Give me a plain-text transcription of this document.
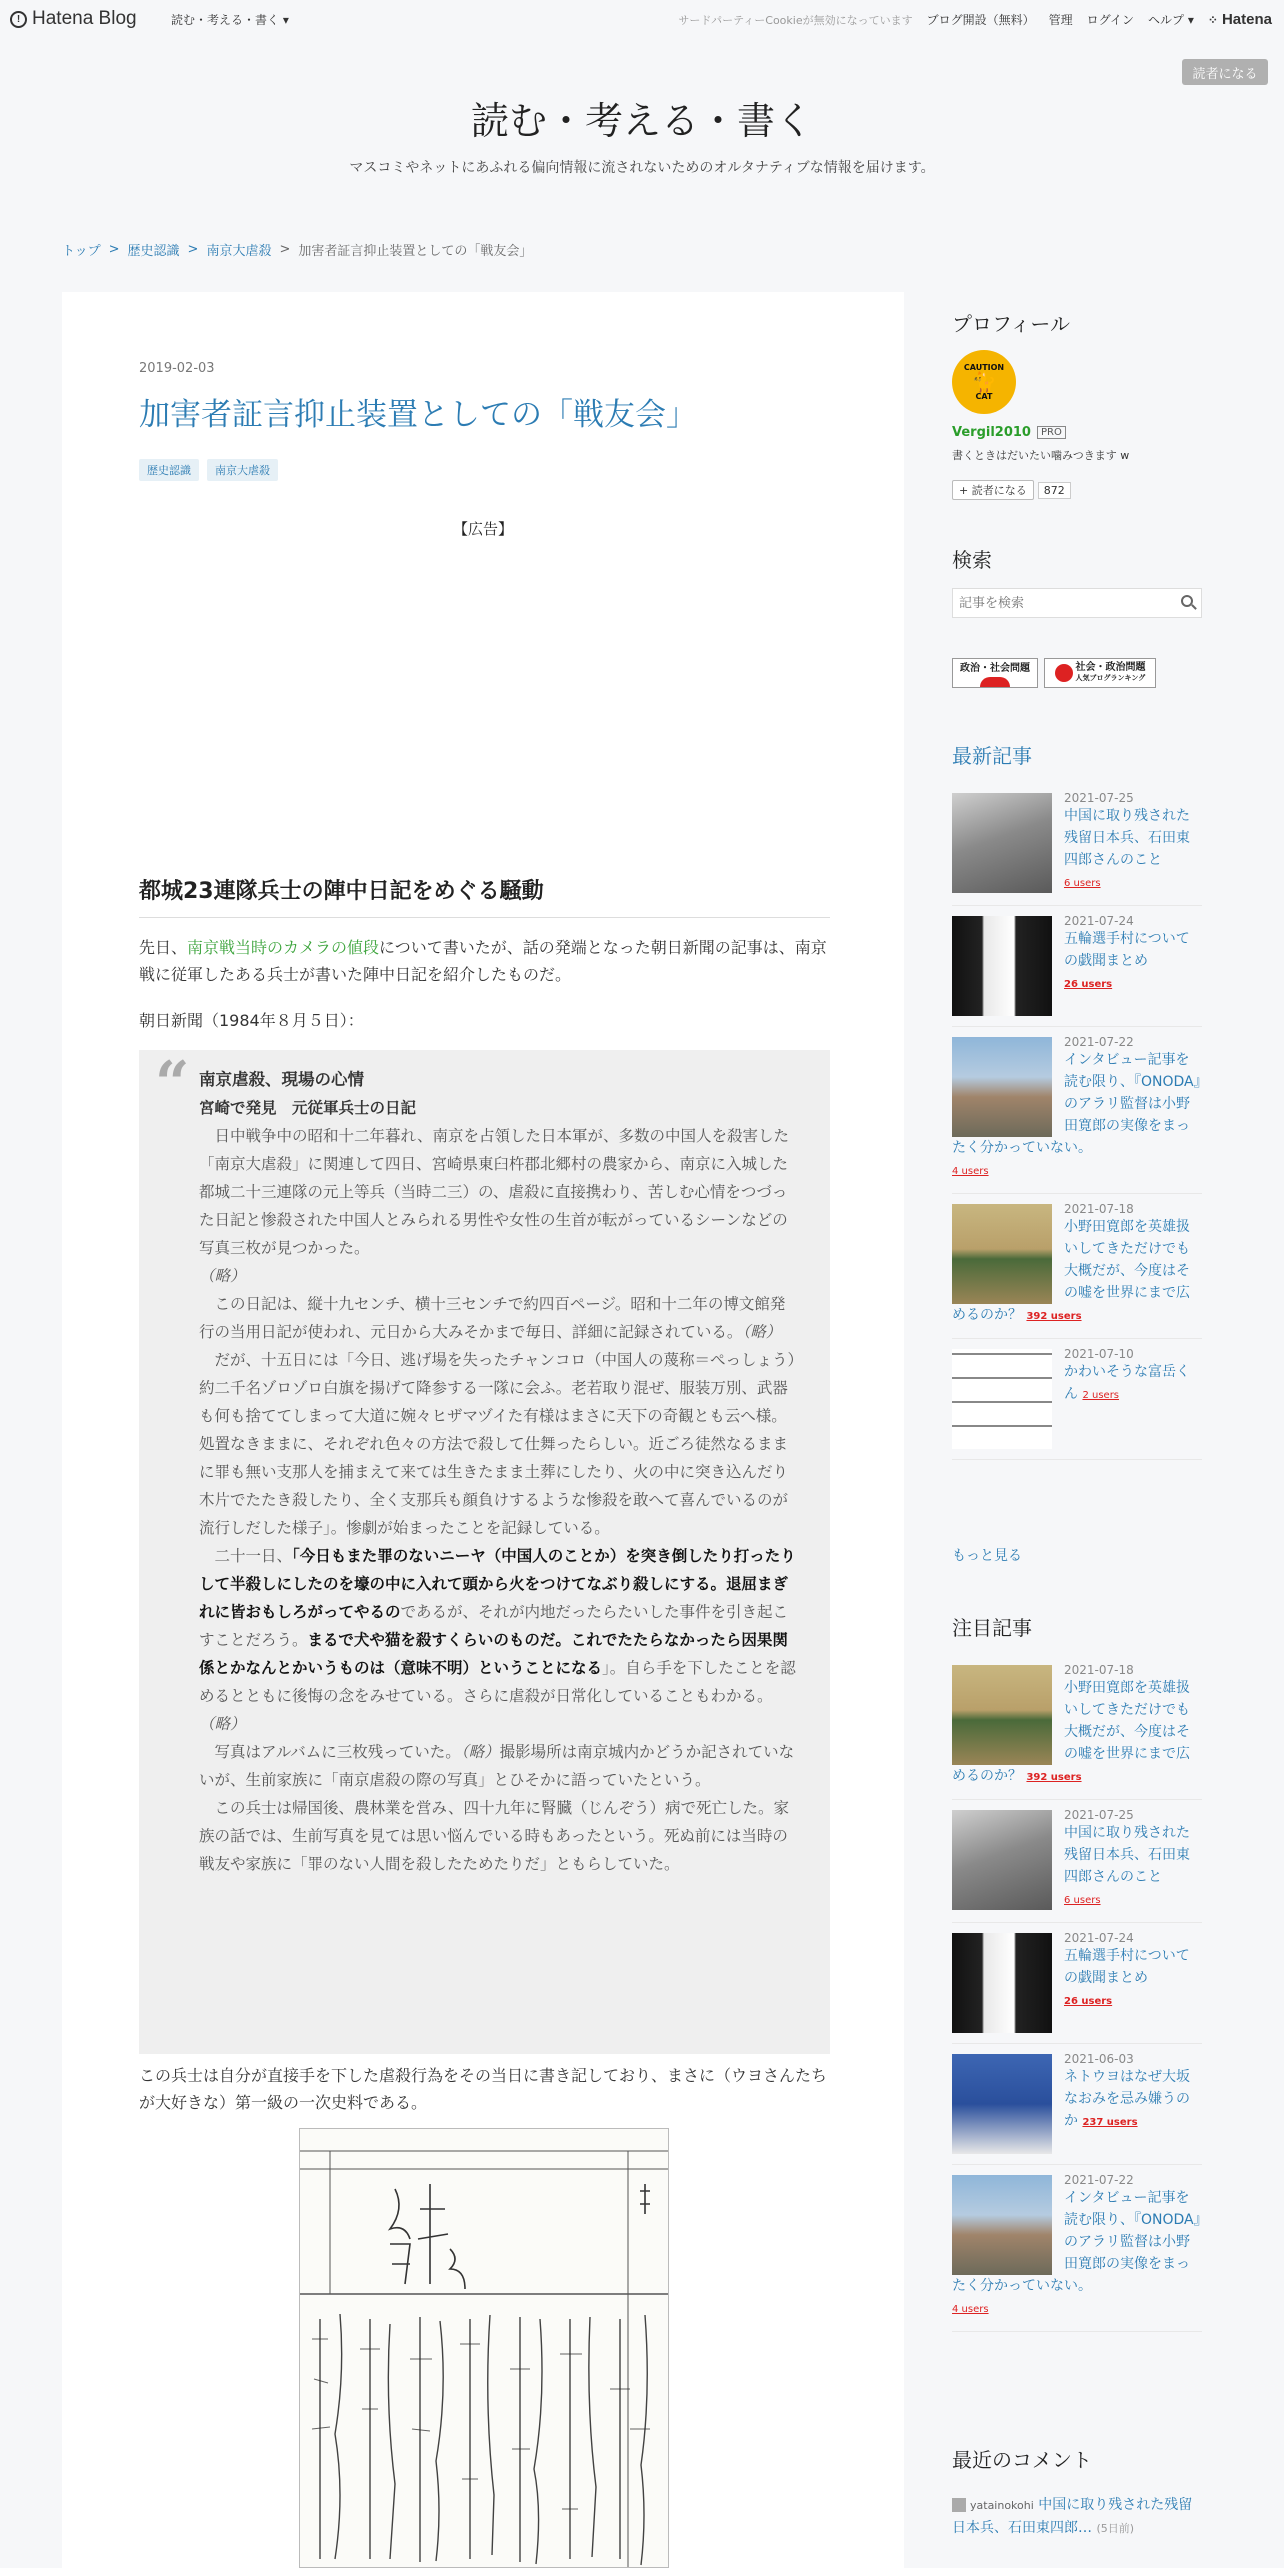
! Hatena Blog	読む・考える・書く ▾	サードパーティーCookieが無効になっています ブログ開設（無料） 管理 ログイン ヘルプ ▾ ⁘ Hatena
読者になる
読む・考える・書く
マスコミやネットにあふれる偏向情報に流されないためのオルタナティブな情報を届けます。
トップ > 歴史認識 > 南京大虐殺 > 加害者証言抑止装置としての「戦友会」
2019-02-03
加害者証言抑止装置としての「戦友会」
歴史認識	南京大虐殺
【広告】
都城23連隊兵士の陣中日記をめぐる騒動
先日、南京戦当時のカメラの値段について書いたが、話の発端となった朝日新聞の記事は、南京戦に従軍したある兵士が書いた陣中日記を紹介したものだ。
朝日新聞（1984年８月５日）：
“ 南京虐殺、現場の心情

宮崎で発見　元従軍兵士の日記

　日中戦争中の昭和十二年暮れ、南京を占領した日本軍が、多数の中国人を殺害した「南京大虐殺」に関連して四日、宮崎県東臼杵郡北郷村の農家から、南京に入城した都城二十三連隊の元上等兵（当時二三）の、虐殺に直接携わり、苦しむ心情をつづった日記と惨殺された中国人とみられる男性や女性の生首が転がっているシーンなどの写真三枚が見つかった。

（略）

　この日記は、縦十九センチ、横十三センチで約四百ページ。昭和十二年の博文館発行の当用日記が使われ、元日から大みそかまで毎日、詳細に記録されている。（略）

　だが、十五日には「今日、逃げ場を失ったチャンコロ（中国人の蔑称＝ぺっしょう）約二千名ゾロゾロ白旗を揚げて降参する一隊に会ふ。老若取り混ぜ、服装万別、武器も何も捨ててしまって大道に婉々ヒザマヅイた有様はまさに天下の奇観とも云へ様。処置なきままに、それぞれ色々の方法で殺して仕舞ったらしい。近ごろ徒然なるままに罪も無い支那人を捕まえて来ては生きたまま土葬にしたり、火の中に突き込んだり木片でたたき殺したり、全く支那兵も顔負けするような惨殺を敢へて喜んでいるのが流行しだした様子」。惨劇が始まったことを記録している。

　二十一日、「今日もまた罪のないニーヤ（中国人のことか）を突き倒したり打ったりして半殺しにしたのを壕の中に入れて頭から火をつけてなぶり殺しにする。退屈まぎれに皆おもしろがってやるのであるが、それが内地だったらたいした事件を引き起こすことだろう。まるで犬や猫を殺すくらいのものだ。これでたたらなかったら因果関係とかなんとかいうものは（意味不明）ということになる」。自ら手を下したことを認めるとともに後悔の念をみせている。さらに虐殺が日常化していることもわかる。

（略）

　写真はアルバムに三枚残っていた。（略）撮影場所は南京城内かどうか記されていないが、生前家族に「南京虐殺の際の写真」とひそかに語っていたという。

　この兵士は帰国後、農林業を営み、四十九年に腎臓（じんぞう）病で死亡した。家族の話では、生前写真を見ては思い悩んでいる時もあったという。死ぬ前には当時の戦友や家族に「罪のない人間を殺したためたりだ」ともらしていた。

この兵士は自分が直接手を下した虐殺行為をその当日に書き記しており、まさに（ウヨさんたちが大好きな）第一級の一次史料である。
プロフィール
CAUTION
🐈
CAT
Vergil2010	PRO
書くときはだいたい噛みつきます w
+ 読者になる	872
検索
記事を検索
政治・社会問題	社会・政治問題
人気ブログランキング
最新記事
2021-07-25
中国に取り残された残留日本兵、石田東四郎さんのこと
6 users
2021-07-24
五輪選手村についての戯聞まとめ
26 users
2021-07-22
インタビュー記事を読む限り、『ONODA』のアラリ監督は小野田寛郎の実像をまったく分かっていない。
4 users
2021-07-18
小野田寛郎を英雄扱いしてきただけでも大概だが、今度はその嘘を世界にまで広めるのか？ 392 users
2021-07-10
かわいそうな富岳くん 2 users
もっと見る
注目記事
2021-07-18
小野田寛郎を英雄扱いしてきただけでも大概だが、今度はその嘘を世界にまで広めるのか？ 392 users
2021-07-25
中国に取り残された残留日本兵、石田東四郎さんのこと
6 users
2021-07-24
五輪選手村についての戯聞まとめ
26 users
2021-06-03
ネトウヨはなぜ大坂なおみを忌み嫌うのか 237 users
2021-07-22
インタビュー記事を読む限り、『ONODA』のアラリ監督は小野田寛郎の実像をまったく分かっていない。
4 users
最近のコメント
yatainokohi 中国に取り残された残留日本兵、石田東四郎… (5日前)
